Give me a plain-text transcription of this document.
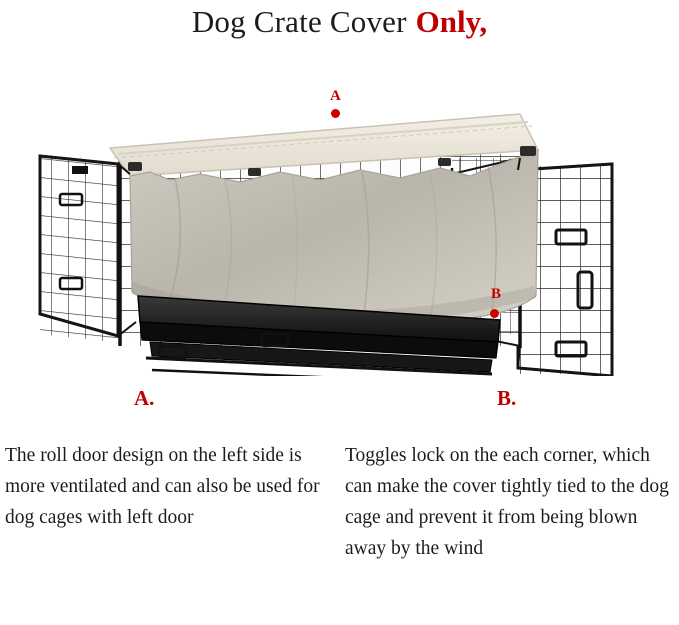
Dog Crate Cover Only,
A
B
A.	B.
The roll door design on the left side is more ventilated and can also be used for dog cages with left door
Toggles lock on the each corner, which can make the cover tightly tied to the dog cage and prevent it from being blown away by the wind
